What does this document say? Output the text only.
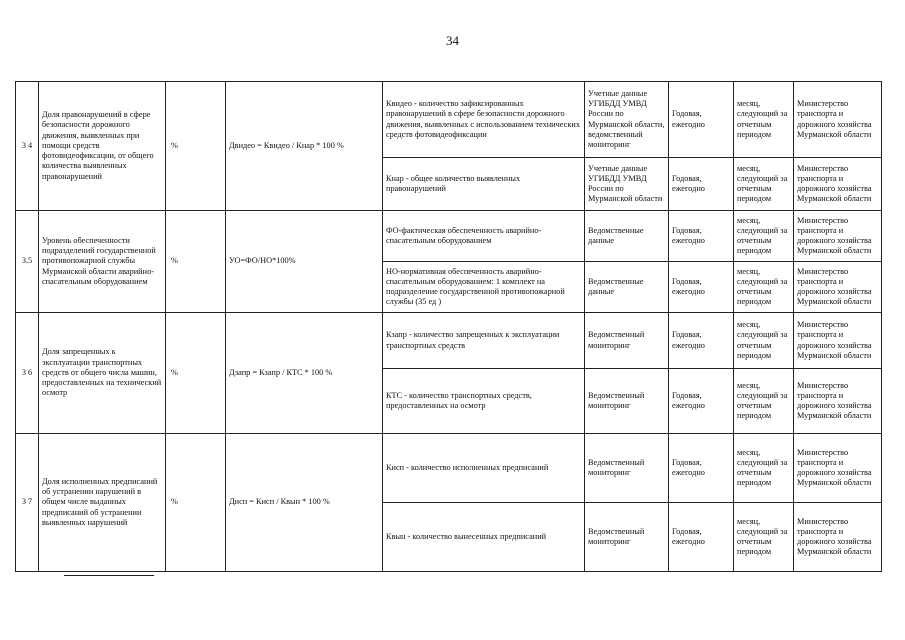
34
3 4	Доля правонарушений в сфере безопасности дорожного движения, выявленных при помощи средств фотовидеофиксации, от общего количества выявленных правонарушений	%	Двидео = Квидео / Кнар * 100 %	Квидео - количество зафиксированных правонарушений в сфере безопасности дорожного движения, выявленных с использованием технических средств фотовидеофиксации	Учетные данные УГИБДД УМВД России по Мурманской области, ведомственный мониторинг	Годовая, ежегодно	месяц, следующий за отчетным периодом	Министерство транспорта и дорожного хозяйства Мурманской области
				Кнар - общее количество выявленных правонарушений	Учетные данные УГИБДД УМВД России по Мурманской области	Годовая, ежегодно	месяц, следующий за отчетным периодом	Министерство транспорта и дорожного хозяйства Мурманской области
3.5	Уровень обеспеченности подразделений государственной противопожарной службы Мурманской области аварийно-спасательным оборудованием	%	УО=ФО/НО*100%	ФО-фактическая обеспеченность аварийно-спасательным оборудованием	Ведомственные данные	Годовая, ежегодно	месяц, следующий за отчетным периодом	Министерство транспорта и дорожного хозяйства Мурманской области
				НО-нормативная обеспеченность аварийно-спасательным оборудованием: 1 комплект на подразделение государственной противопожарной службы (35 ед )	Ведомственные данные	Годовая, ежегодно	месяц, следующий за отчетным периодом	Министерство транспорта и дорожного хозяйства Мурманской области
3 6	Доля запрещенных к эксплуатации транспортных средств от общего числа машин, предоставленных на технический осмотр	%	Дзапр = Кзапр / КТС * 100 %	Кзапр - количество запрещенных к эксплуатации транспортных средств	Ведомственный мониторинг	Годовая, ежегодно	месяц, следующий за отчетным периодом	Министерство транспорта и дорожного хозяйства Мурманской области
				КТС - количество транспортных средств, предоставленных на осмотр	Ведомственный мониторинг	Годовая, ежегодно	месяц, следующий за отчетным периодом	Министерство транспорта и дорожного хозяйства Мурманской области
3 7	Доля исполненных предписаний об устранении нарушений в общем числе выданных предписаний об устранении выявленных нарушений	%	Дисп = Кисп / Квын * 100 %	Кисп - количество исполненных предписаний	Ведомственный мониторинг	Годовая, ежегодно	месяц, следующий за отчетным периодом	Министерство транспорта и дорожного хозяйства Мурманской области
				Квын - количество вынесенных предписаний	Ведомственный мониторинг	Годовая, ежегодно	месяц, следующий за отчетным периодом	Министерство транспорта и дорожного хозяйства Мурманской области
